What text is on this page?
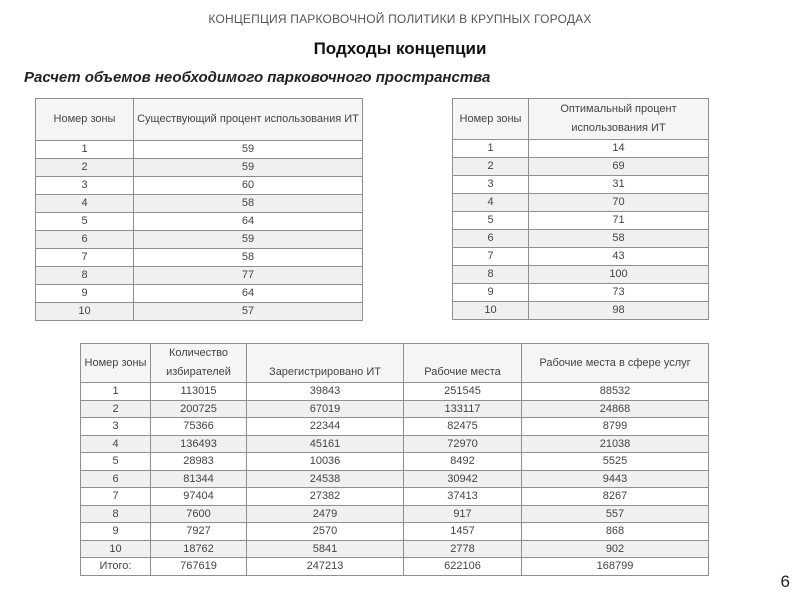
КОНЦЕПЦИЯ ПАРКОВОЧНОЙ ПОЛИТИКИ В КРУПНЫХ ГОРОДАХ
Подходы концепции
Расчет объемов необходимого парковочного пространства
Номер зоны	Существующий процент использования ИТ
1	59
2	59
3	60
4	58
5	64
6	59
7	58
8	77
9	64
10	57
Номер зоны	Оптимальный процент использования ИТ
1	14
2	69
3	31
4	70
5	71
6	58
7	43
8	100
9	73
10	98
Номер зоны	Количество избирателей	Зарегистрировано ИТ	Рабочие места	Рабочие места в сфере услуг
1	113015	39843	251545	88532
2	200725	67019	133117	24868
3	75366	22344	82475	8799
4	136493	45161	72970	21038
5	28983	10036	8492	5525
6	81344	24538	30942	9443
7	97404	27382	37413	8267
8	7600	2479	917	557
9	7927	2570	1457	868
10	18762	5841	2778	902
Итого:	767619	247213	622106	168799
6
